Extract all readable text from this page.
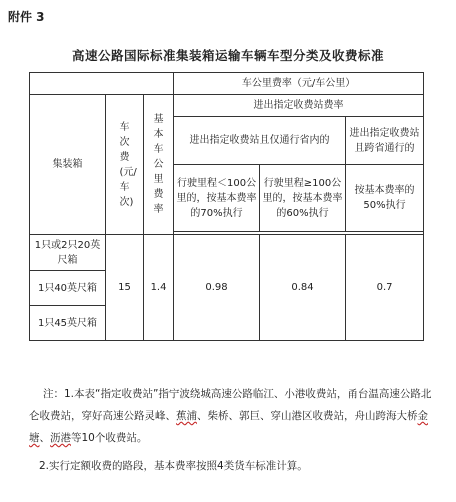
附件 3
高速公路国际标准集装箱运输车辆车型分类及收费标准
			车公里费率（元/车公里）		
集装箱	车次费(元/车次)	基本车公里费率	进出指定收费站费率		
			进出指定收费站且仅通行省内的		进出指定收费站且跨省通行的
			行驶里程＜100公里的，按基本费率的70%执行	行驶里程≥100公里的，按基本费率的60%执行	按基本费率的50%执行

1只或2只20英尺箱	15	1.4	0.98	0.84	0.7
1只40英尺箱					
1只45英尺箱					

注：1.本表“指定收费站”指宁波绕城高速公路临江、小港收费站，甬台温高速公路北仑收费站，穿好高速公路灵峰、蕉浦、柴桥、郭巨、穿山港区收费站，舟山跨海大桥金塘、沥港等10个收费站。

2.实行定额收费的路段，基本费率按照4类货车标准计算。
